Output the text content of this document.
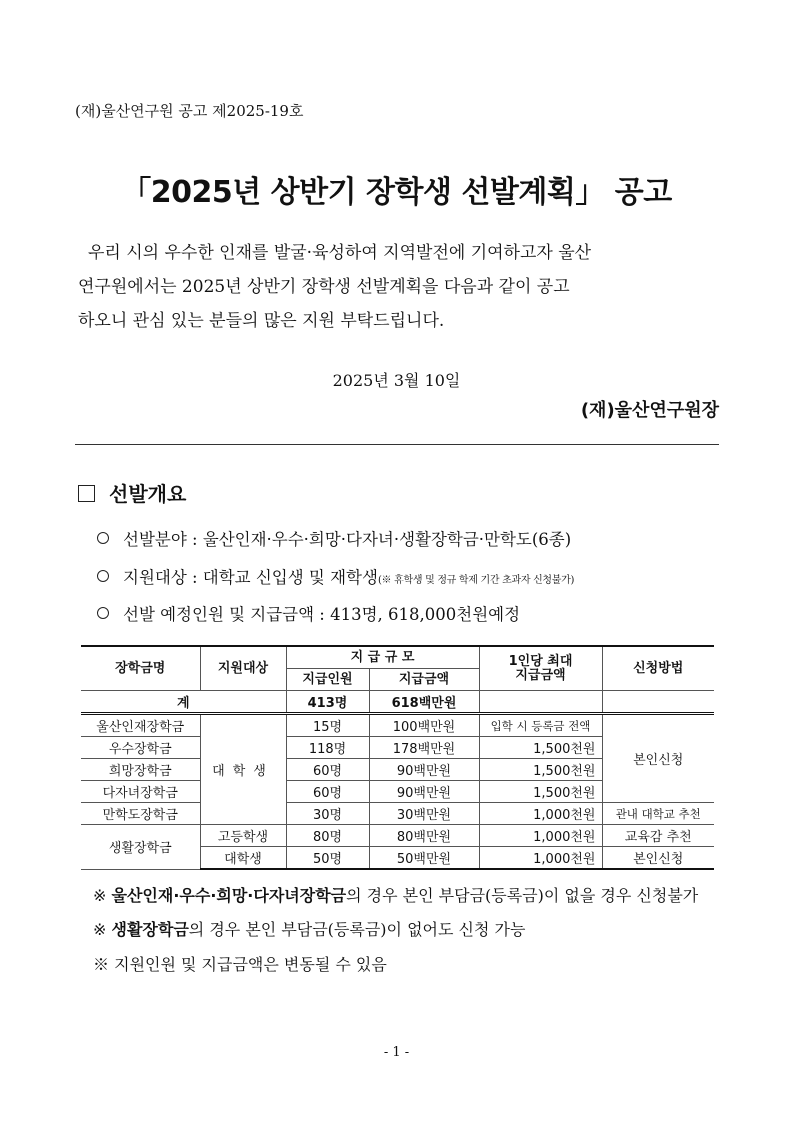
(재)울산연구원 공고 제2025-19호
「2025년 상반기 장학생 선발계획」 공고
우리 시의 우수한 인재를 발굴·육성하여 지역발전에 기여하고자 울산
연구원에서는 2025년 상반기 장학생 선발계획을 다음과 같이 공고
하오니 관심 있는 분들의 많은 지원 부탁드립니다.
2025년 3월 10일
(재)울산연구원장
선발개요
선발분야 : 울산인재·우수·희망·다자녀·생활장학금·만학도(6종)
지원대상 : 대학교 신입생 및 재학생(※ 휴학생 및 정규 학제 기간 초과자 신청불가)
선발 예정인원 및 지급금액 : 413명, 618,000천원예정
장학금명	지원대상	지 급 규 모		1인당 최대
지급금액	신청방법
		지급인원	지급금액		
계		413명	618백만원		
울산인재장학금	대학생	15명	100백만원	입학 시 등록금 전액	본인신청
우수장학금		118명	178백만원	1,500천원	
희망장학금		60명	90백만원	1,500천원	
다자녀장학금		60명	90백만원	1,500천원	
만학도장학금		30명	30백만원	1,000천원	관내 대학교 추천
생활장학금	고등학생	80명	80백만원	1,000천원	교육감 추천
	대학생	50명	50백만원	1,000천원	본인신청
※ 울산인재·우수·희망·다자녀장학금의 경우 본인 부담금(등록금)이 없을 경우 신청불가
※ 생활장학금의 경우 본인 부담금(등록금)이 없어도 신청 가능
※ 지원인원 및 지급금액은 변동될 수 있음
- 1 -
